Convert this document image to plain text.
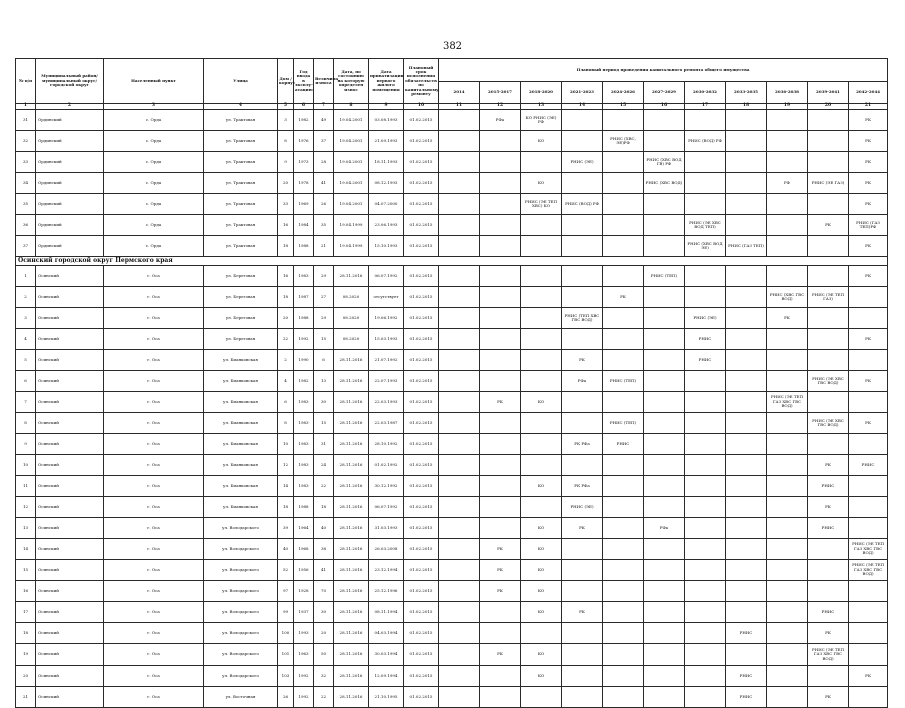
382
№ п/п	Муниципальный район/ муниципальный округ/городской округ	Населенный пункт	Улица	Дом / корпус	Год ввода в эксплу-атацию	Величина износа	Дата, по состоянию на которую определен износ	Дата приватизации первого жилого помещения	Плановый срок исполнения обязательств по капитальному ремонту	Плановый период проведения капитального ремонта общего имущества										
										2014	2015-2017	2018-2020	2021-2023	2024-2026	2027-2029	2030-2032	2033-2035	2036-2038	2039-2041	2042-2044
1	2	3	4	5	6	7	8	9	10	11	12	13	14	15	16	17	18	19	20	21
31	Ординский	с. Орда	ул. Трактовая	3	1982	49	19.04.2001	03.08.1993	01.02.2015		РФа	КО РНИС (ЭЕ) РФ								РК
32	Ординский	с. Орда	ул. Трактовая	8	1976	37	19.04.2001	21.09.1993	01.02.2015			КО		РНИС (ХВС, ЭЕ)РФ		РНИС (ВОД) РФ				РК
33	Ординский	с. Орда	ул. Трактовая	9	1973	28	19.04.2001	18.11.1993	01.02.2015				РНИС (ЭЕ)		РНИС (ХВС ВОД ГВ) РФ					РК
34	Ординский	с. Орда	ул. Трактовая	20	1978	41	19.04.2001	08.12.1993	01.02.2015			КО			РНИС (ХВС ВОД)			РФ	РНИС (ЭЕ ГАЗ)	РК
35	Ординский	с. Орда	ул. Трактовая	33	1969	26	19.04.2001	04.07.2000	01.02.2015			РНИС (ЭЕ ТЕП ХВС) КО	РНИС (ВОД) РФ							РК
36	Ординский	с. Орда	ул. Трактовая	16	1984	35	19.04.1999	23.06.1993	01.02.2015							РНИС (ЭЕ ХВС ВОД ТЕП)			РК	РНИС (ГАЗ ТЕП)РФ
37	Ординский	с. Орда	ул. Трактовая	18	1988	21	19.04.1999	15.10.1993	01.02.2015							РНИС (ХВС ВОД ЭЕ)	РНИС (ГАЗ ТЕП)			РК
Осинский городской округ Пермского края																				
1	Осинский	г. Оса	ул. Береговая	16	1983	29	28.11.2016	06.07.1992	01.02.2015						РНИС (ТЕП)					РК
2	Осинский	г. Оса	ул. Береговая	18	1987	27	08.2020	отсутствует	01.02.2015					РК				РНИС (ХВС ГВС ВОД)	РНИС (ЭЕ ТЕП ГАЗ)	
3	Осинский	г. Оса	ул. Береговая	20	1988	29	08.2020	19.06.1992	01.02.2015				РНИС (ТЕП ХВС ГВС ВОД)			РНИС (ЭЕ)		РК		
4	Осинский	г. Оса	ул. Береговая	22	1992	15	08.2020	15.03.1993	01.02.2015							РНИС				РК
5	Осинский	г. Оса	ул. Бианковская	2	1990	6	28.11.2016	21.07.1992	01.02.2015				РК			РНИС				
6	Осинский	г. Оса	ул. Бианковская	4	1982	13	28.11.2016	22.07.1993	01.02.2015				РФа	РНИС (ТЕП)					РНИС (ЭЕ ХВС ГВС ВОД)	РК
7	Осинский	г. Оса	ул. Бианковская	6	1983	30	28.11.2016	22.03.1993	01.02.2015		РК	КО						РНИС (ЭЕ ТЕП ГАЗ ХВС ГВС ВОД)		
8	Осинский	г. Оса	ул. Бианковская	8	1983	15	28.11.2016	22.03.1987	01.02.2015					РНИС (ТЕП)					РНИС (ЭЕ ХВС ГВС ВОД)	РК
9	Осинский	г. Оса	ул. Бианковская	10	1983	31	28.11.2016	28.10.1992	01.02.2015				РК РФа	РНИС						
10	Осинский	г. Оса	ул. Бианковская	12	1983	24	28.11.2016	01.02.1992	01.02.2015										РК	РНИС
11	Осинский	г. Оса	ул. Бианковская	14	1983	22	28.11.2016	30.12.1992	01.02.2015			КО	РК РФа						РНИС	
12	Осинский	г. Оса	ул. Бианковская	18	1988	18	28.11.2016	06.07.1992	01.02.2015				РНИС (ЭЕ)						РК	
13	Осинский	г. Оса	ул. Володарского	39	1964	40	28.11.2016	31.03.1993	01.02.2015			КО	РК		РФа				РНИС	
14	Осинский	г. Оса	ул. Володарского	40	1968	38	28.11.2016	26.03.2008	01.02.2015		РК	КО								РНИС (ЭЕ ТЕП ГАЗ ХВС ГВС ВОД)
15	Осинский	г. Оса	ул. Володарского	52	1956	41	28.11.2016	23.12.1994	01.02.2015		РК	КО								РНИС (ЭЕ ТЕП ГАЗ ХВС ГВС ВОД)
16	Осинский	г. Оса	ул. Володарского	97	1928	70	28.11.2016	25.12.1996	01.02.2015		РК	КО								
17	Осинский	г. Оса	ул. Володарского	99	1937	30	28.11.2016	08.11.1994	01.02.2015			КО	РК						РНИС	
18	Осинский	г. Оса	ул. Володарского	100	1993	20	28.11.2016	04.03.1994	01.02.2015								РНИС		РК	
19	Осинский	г. Оса	ул. Володарского	101	1963	50	28.11.2016	30.03.1994	01.02.2015		РК	КО							РНИС (ЭЕ ТЕП ГАЗ ХВС ГВС ВОД)	
20	Осинский	г. Оса	ул. Володарского	103	1992	32	28.11.2016	12.09.1994	01.02.2015			КО					РНИС			РК
21	Осинский	г. Оса	ул. Восточная	26	1992	22	28.11.2016	21.10.1995	01.02.2015								РНИС		РК	
